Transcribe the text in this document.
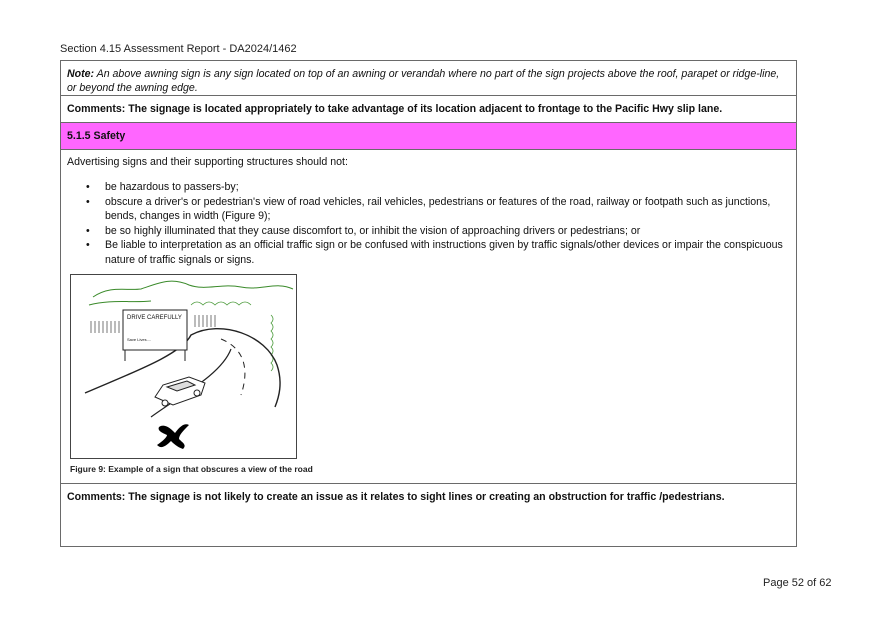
Section 4.15 Assessment Report - DA2024/1462
Note: An above awning sign is any sign located on top of an awning or verandah where no part of the sign projects above the roof, parapet or ridge-line, or beyond the awning edge.
Comments: The signage is located appropriately to take advantage of its location adjacent to frontage to the Pacific Hwy slip lane.
5.1.5 Safety

Advertising signs and their supporting structures should not:

• be hazardous to passers-by;
• obscure a driver's or pedestrian's view of road vehicles, rail vehicles, pedestrians or features of the road, railway or footpath such as junctions, bends, changes in width (Figure 9);
• be so highly illuminated that they cause discomfort to, or inhibit the vision of approaching drivers or pedestrians; or
• Be liable to interpretation as an official traffic sign or be confused with instructions given by traffic signals/other devices or impair the conspicuous nature of traffic signals or signs.
DRIVE CAREFULLY
Save Lives....
Figure 9: Example of a sign that obscures a view of the road
Comments: The signage is not likely to create an issue as it relates to sight lines or creating an obstruction for traffic /pedestrians.
Page 52 of 62
